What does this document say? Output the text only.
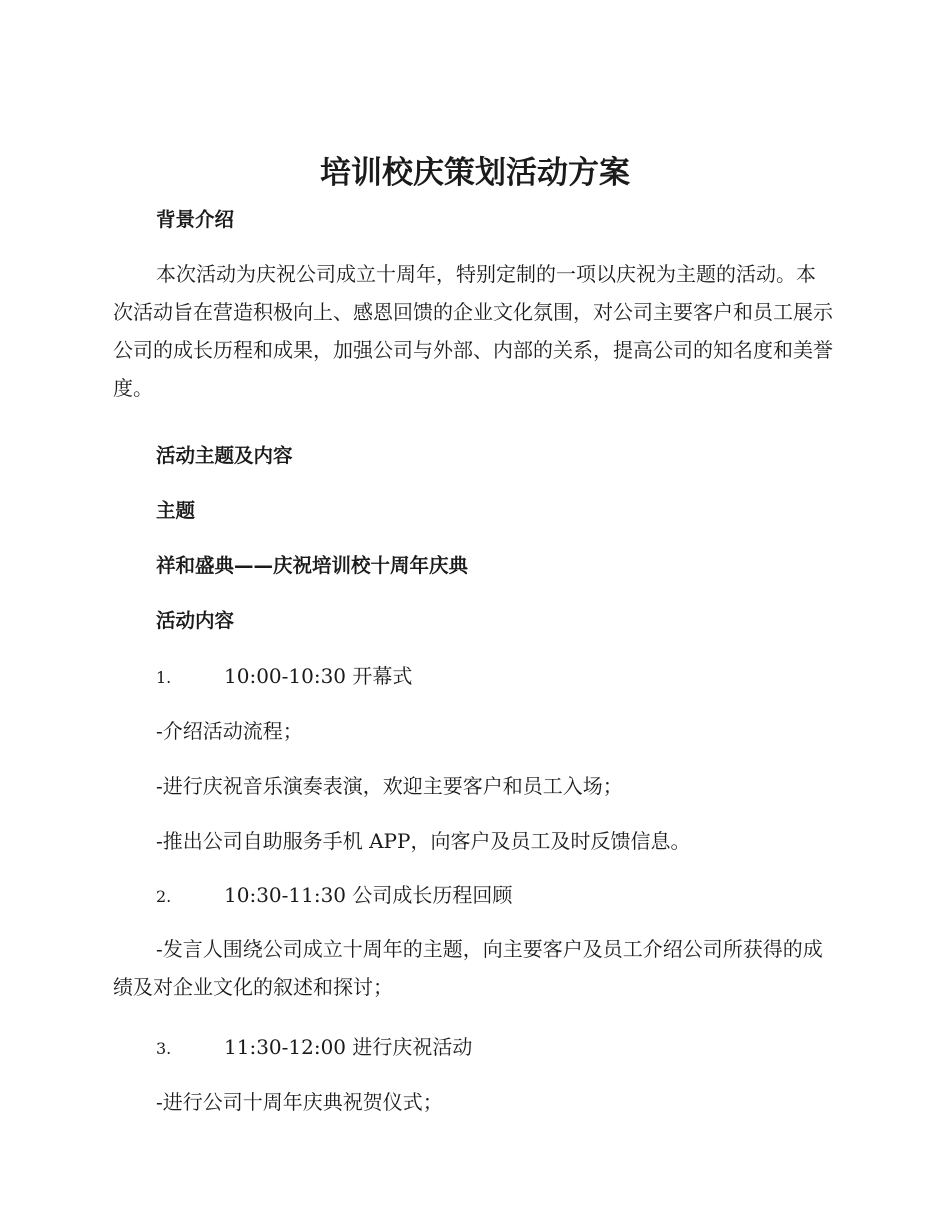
培训校庆策划活动方案
背景介绍

本次活动为庆祝公司成立十周年，特别定制的一项以庆祝为主题的活动。本次活动旨在营造积极向上、感恩回馈的企业文化氛围，对公司主要客户和员工展示公司的成长历程和成果，加强公司与外部、内部的关系，提高公司的知名度和美誉度。

活动主题及内容
主题

祥和盛典——庆祝培训校十周年庆典

活动内容

1.	10:00-10:30 开幕式

-介绍活动流程；

-进行庆祝音乐演奏表演，欢迎主要客户和员工入场；

-推出公司自助服务手机 APP，向客户及员工及时反馈信息。

2.	10:30-11:30 公司成长历程回顾

-发言人围绕公司成立十周年的主题，向主要客户及员工介绍公司所获得的成绩及对企业文化的叙述和探讨；

3.	11:30-12:00 进行庆祝活动

-进行公司十周年庆典祝贺仪式；
